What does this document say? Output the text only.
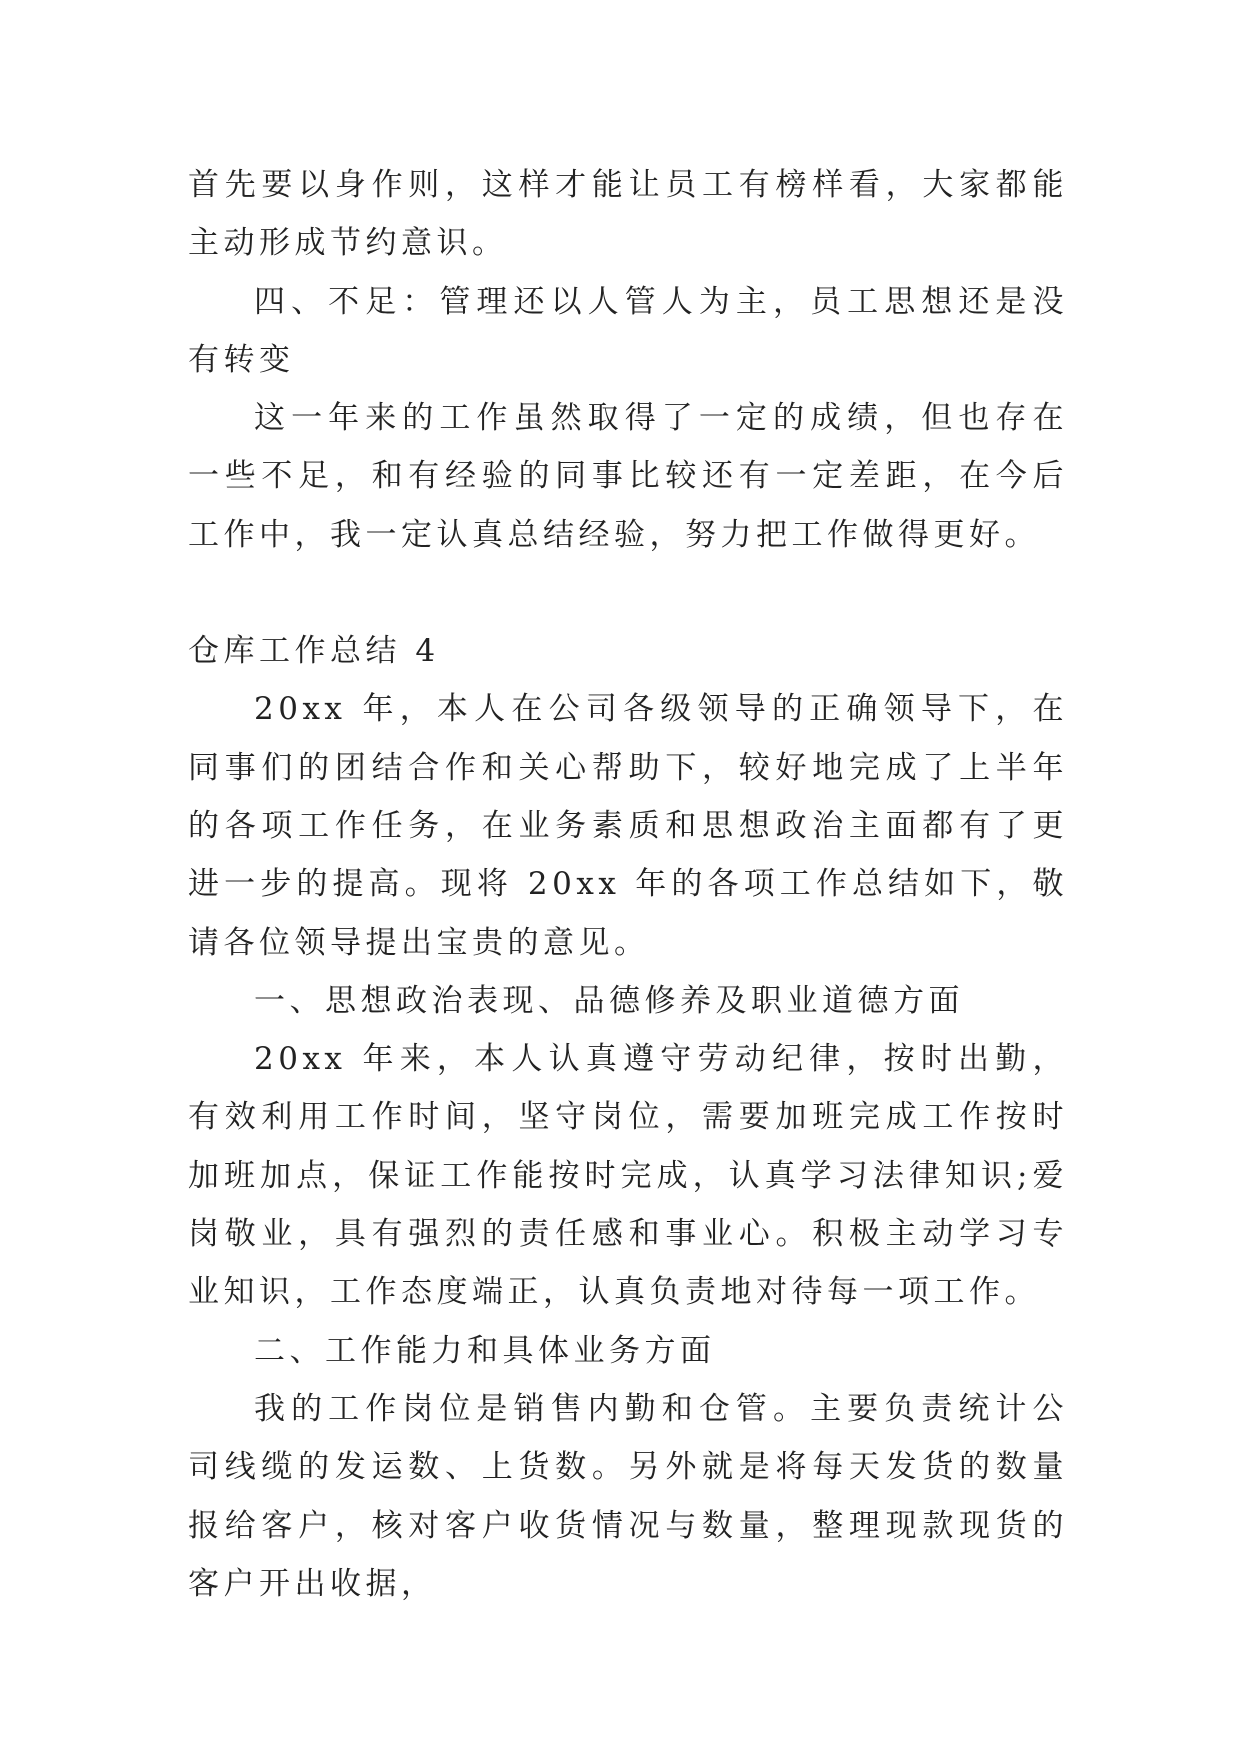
首先要以身作则，这样才能让员工有榜样看，大家都能主动形成节约意识。

四、不足：管理还以人管人为主，员工思想还是没有转变

这一年来的工作虽然取得了一定的成绩，但也存在一些不足，和有经验的同事比较还有一定差距，在今后工作中，我一定认真总结经验，努力把工作做得更好。

仓库工作总结 4

20xx 年，本人在公司各级领导的正确领导下，在同事们的团结合作和关心帮助下，较好地完成了上半年的各项工作任务，在业务素质和思想政治主面都有了更进一步的提高。现将 20xx 年的各项工作总结如下，敬请各位领导提出宝贵的意见。

一、思想政治表现、品德修养及职业道德方面

20xx 年来，本人认真遵守劳动纪律，按时出勤，有效利用工作时间，坚守岗位，需要加班完成工作按时加班加点，保证工作能按时完成，认真学习法律知识;爱岗敬业，具有强烈的责任感和事业心。积极主动学习专业知识，工作态度端正，认真负责地对待每一项工作。

二、工作能力和具体业务方面

我的工作岗位是销售内勤和仓管。主要负责统计公司线缆的发运数、上货数。另外就是将每天发货的数量报给客户，核对客户收货情况与数量，整理现款现货的客户开出收据，
